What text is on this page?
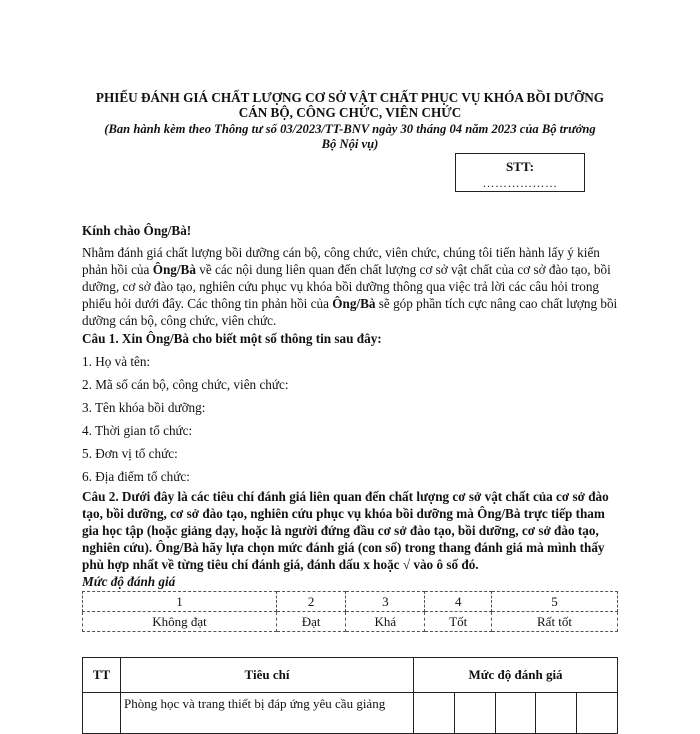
PHIẾU ĐÁNH GIÁ CHẤT LƯỢNG CƠ SỞ VẬT CHẤT PHỤC VỤ KHÓA BỒI DƯỠNG
CÁN BỘ, CÔNG CHỨC, VIÊN CHỨC
(Ban hành kèm theo Thông tư số 03/2023/TT-BNV ngày 30 tháng 04 năm 2023 của Bộ trưởng
Bộ Nội vụ)
STT:
………………
Kính chào Ông/Bà!
Nhằm đánh giá chất lượng bồi dưỡng cán bộ, công chức, viên chức, chúng tôi tiến hành lấy ý kiến phản hồi của Ông/Bà về các nội dung liên quan đến chất lượng cơ sở vật chất của cơ sở đào tạo, bồi dưỡng, cơ sở đào tạo, nghiên cứu phục vụ khóa bồi dưỡng thông qua việc trả lời các câu hỏi trong phiếu hỏi dưới đây. Các thông tin phản hồi của Ông/Bà sẽ góp phần tích cực nâng cao chất lượng bồi dưỡng cán bộ, công chức, viên chức.
Câu 1. Xin Ông/Bà cho biết một số thông tin sau đây:
1. Họ và tên:
2. Mã số cán bộ, công chức, viên chức:
3. Tên khóa bồi dưỡng:
4. Thời gian tổ chức:
5. Đơn vị tổ chức:
6. Địa điểm tổ chức:
Câu 2. Dưới đây là các tiêu chí đánh giá liên quan đến chất lượng cơ sở vật chất của cơ sở đào tạo, bồi dưỡng, cơ sở đào tạo, nghiên cứu phục vụ khóa bồi dưỡng mà Ông/Bà trực tiếp tham gia học tập (hoặc giảng dạy, hoặc là người đứng đầu cơ sở đào tạo, bồi dưỡng, cơ sở đào tạo, nghiên cứu). Ông/Bà hãy lựa chọn mức đánh giá (con số) trong thang đánh giá mà mình thấy phù hợp nhất về từng tiêu chí đánh giá, đánh dấu x hoặc √ vào ô số đó.
Mức độ đánh giá
1	2	3	4	5
Không đạt	Đạt	Khá	Tốt	Rất tốt
TT	Tiêu chí	Mức độ đánh giá				
	Phòng học và trang thiết bị đáp ứng yêu cầu giảng					
